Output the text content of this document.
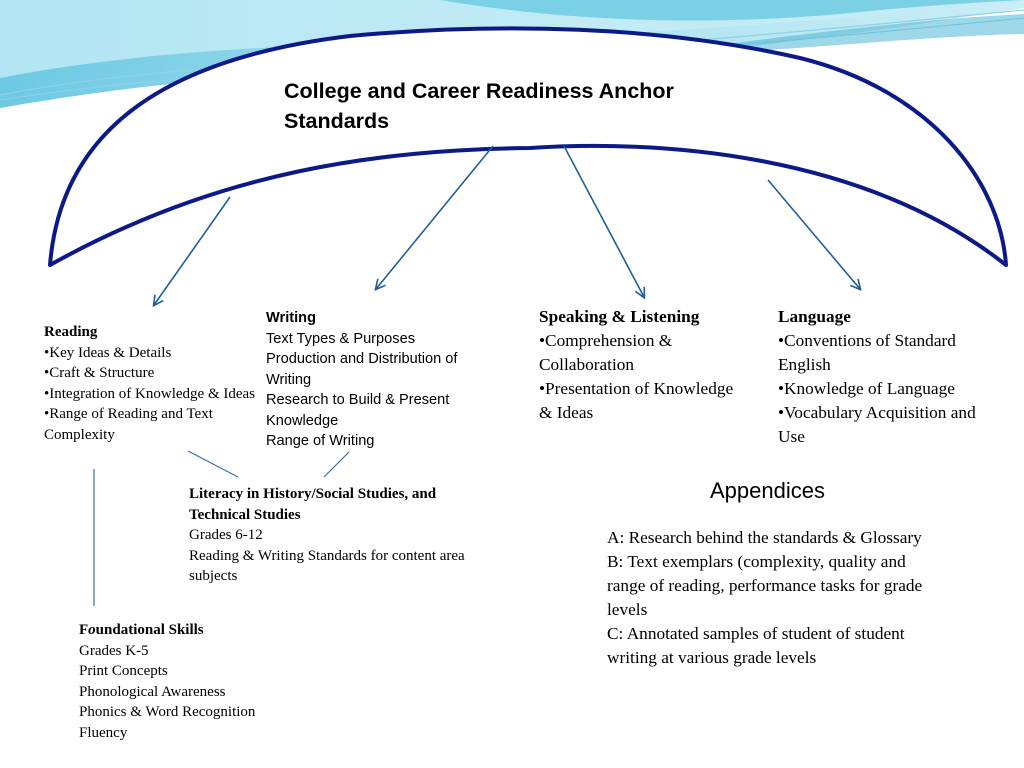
College and Career Readiness Anchor Standards

Reading

•Key Ideas & Details

•Craft & Structure

•Integration of Knowledge & Ideas

•Range of Reading and Text Complexity

Writing

Text Types & Purposes

Production and Distribution of Writing

Research to Build & Present Knowledge

Range of Writing

Speaking & Listening

•Comprehension & Collaboration

•Presentation of Knowledge & Ideas

Language

•Conventions of Standard English

•Knowledge of Language

•Vocabulary Acquisition and Use

Literacy in History/Social Studies, and Technical Studies

Grades 6-12

Reading & Writing Standards for content area subjects

Foundational Skills

Grades K-5

Print Concepts

Phonological Awareness

Phonics & Word Recognition

Fluency

Appendices

A: Research behind the standards & Glossary

B: Text exemplars (complexity, quality and range of reading, performance tasks for grade levels

C: Annotated samples of student of student writing at various grade levels
